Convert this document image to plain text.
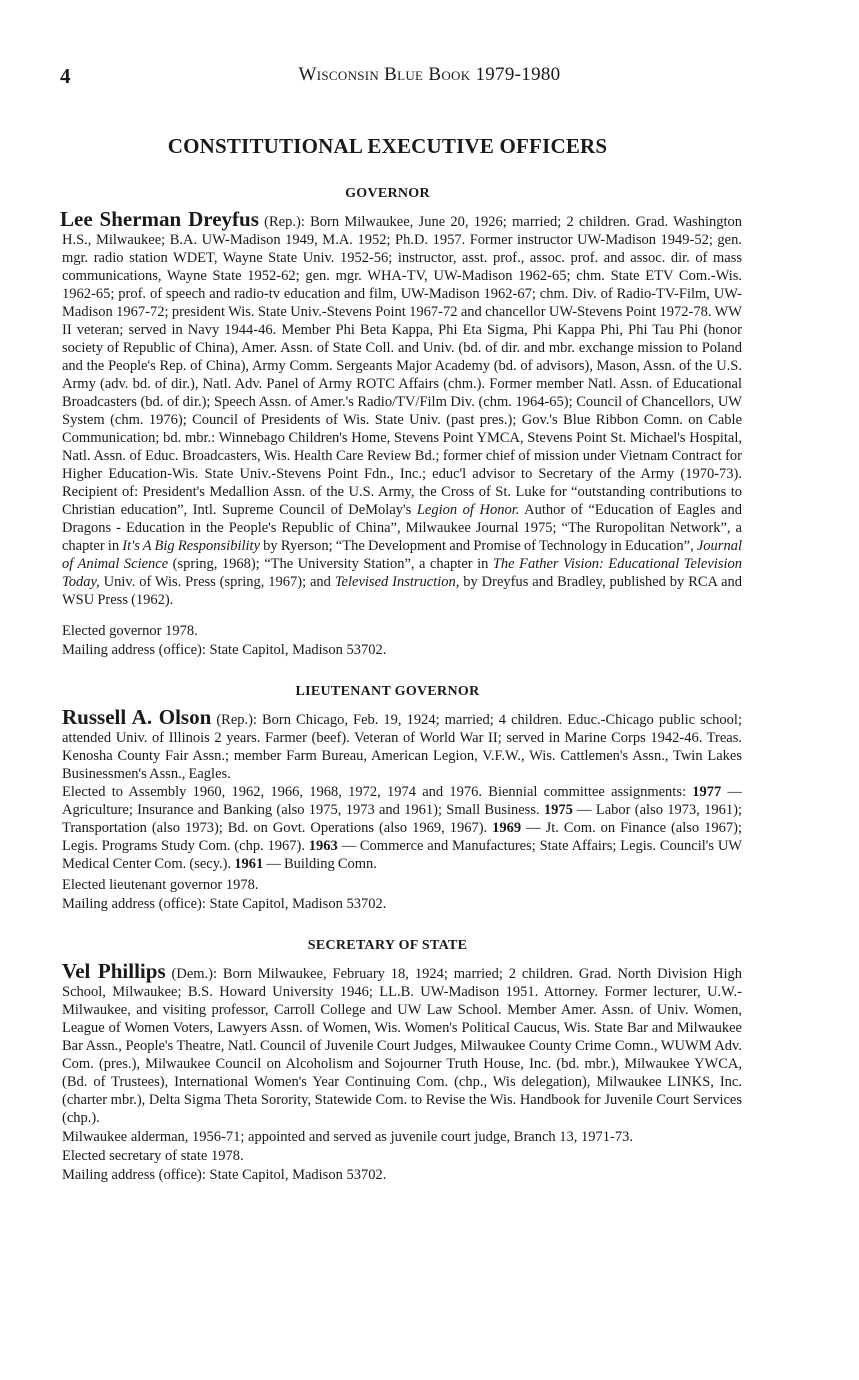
4	Wisconsin Blue Book 1979-1980
CONSTITUTIONAL EXECUTIVE OFFICERS
GOVERNOR
Lee Sherman Dreyfus (Rep.): Born Milwaukee, June 20, 1926; married; 2 children. Grad. Washington H.S., Milwaukee; B.A. UW-Madison 1949, M.A. 1952; Ph.D. 1957. Former instructor UW-Madison 1949-52; gen. mgr. radio station WDET, Wayne State Univ. 1952-56; instructor, asst. prof., assoc. prof. and assoc. dir. of mass communications, Wayne State 1952-62; gen. mgr. WHA-TV, UW-Madison 1962-65; chm. State ETV Com.-Wis. 1962-65; prof. of speech and radio-tv education and film, UW-Madison 1962-67; chm. Div. of Radio-TV-Film, UW-Madison 1967-72; president Wis. State Univ.-Stevens Point 1967-72 and chancellor UW-Stevens Point 1972-78. WW II veteran; served in Navy 1944-46. Member Phi Beta Kappa, Phi Eta Sigma, Phi Kappa Phi, Phi Tau Phi (honor society of Republic of China), Amer. Assn. of State Coll. and Univ. (bd. of dir. and mbr. exchange mission to Poland and the People's Rep. of China), Army Comm. Sergeants Major Academy (bd. of advisors), Mason, Assn. of the U.S. Army (adv. bd. of dir.), Natl. Adv. Panel of Army ROTC Affairs (chm.). Former member Natl. Assn. of Educational Broadcasters (bd. of dir.); Speech Assn. of Amer.'s Radio/TV/Film Div. (chm. 1964-65); Council of Chancellors, UW System (chm. 1976); Council of Presidents of Wis. State Univ. (past pres.); Gov.'s Blue Ribbon Comn. on Cable Communication; bd. mbr.: Winnebago Children's Home, Stevens Point YMCA, Stevens Point St. Michael's Hospital, Natl. Assn. of Educ. Broadcasters, Wis. Health Care Review Bd.; former chief of mission under Vietnam Contract for Higher Education-Wis. State Univ.-Stevens Point Fdn., Inc.; educ'l advisor to Secretary of the Army (1970-73). Recipient of: President's Medallion Assn. of the U.S. Army, the Cross of St. Luke for “outstanding contributions to Christian education”, Intl. Supreme Council of DeMolay's Legion of Honor. Author of “Education of Eagles and Dragons - Education in the People's Republic of China”, Milwaukee Journal 1975; “The Ruropolitan Network”, a chapter in It's A Big Responsibility by Ryerson; “The Development and Promise of Technology in Education”, Journal of Animal Science (spring, 1968); “The University Station”, a chapter in The Father Vision: Educational Television Today, Univ. of Wis. Press (spring, 1967); and Televised Instruction, by Dreyfus and Bradley, published by RCA and WSU Press (1962).
Elected governor 1978.
Mailing address (office): State Capitol, Madison 53702.
LIEUTENANT GOVERNOR
Russell A. Olson (Rep.): Born Chicago, Feb. 19, 1924; married; 4 children. Educ.-Chicago public school; attended Univ. of Illinois 2 years. Farmer (beef). Veteran of World War II; served in Marine Corps 1942-46. Treas. Kenosha County Fair Assn.; member Farm Bureau, American Legion, V.F.W., Wis. Cattlemen's Assn., Twin Lakes Businessmen's Assn., Eagles.
Elected to Assembly 1960, 1962, 1966, 1968, 1972, 1974 and 1976. Biennial committee assignments: 1977 — Agriculture; Insurance and Banking (also 1975, 1973 and 1961); Small Business. 1975 — Labor (also 1973, 1961); Transportation (also 1973); Bd. on Govt. Operations (also 1969, 1967). 1969 — Jt. Com. on Finance (also 1967); Legis. Programs Study Com. (chp. 1967). 1963 — Commerce and Manufactures; State Affairs; Legis. Council's UW Medical Center Com. (secy.). 1961 — Building Comn.
Elected lieutenant governor 1978.
Mailing address (office): State Capitol, Madison 53702.
SECRETARY OF STATE
Vel Phillips (Dem.): Born Milwaukee, February 18, 1924; married; 2 children. Grad. North Division High School, Milwaukee; B.S. Howard University 1946; LL.B. UW-Madison 1951. Attorney. Former lecturer, U.W.-Milwaukee, and visiting professor, Carroll College and UW Law School. Member Amer. Assn. of Univ. Women, League of Women Voters, Lawyers Assn. of Women, Wis. Women's Political Caucus, Wis. State Bar and Milwaukee Bar Assn., People's Theatre, Natl. Council of Juvenile Court Judges, Milwaukee County Crime Comn., WUWM Adv. Com. (pres.), Milwaukee Council on Alcoholism and Sojourner Truth House, Inc. (bd. mbr.), Milwaukee YWCA, (Bd. of Trustees), International Women's Year Continuing Com. (chp., Wis delegation), Milwaukee LINKS, Inc. (charter mbr.), Delta Sigma Theta Sorority, Statewide Com. to Revise the Wis. Handbook for Juvenile Court Services (chp.).
Milwaukee alderman, 1956-71; appointed and served as juvenile court judge, Branch 13, 1971-73.
Elected secretary of state 1978.
Mailing address (office): State Capitol, Madison 53702.
